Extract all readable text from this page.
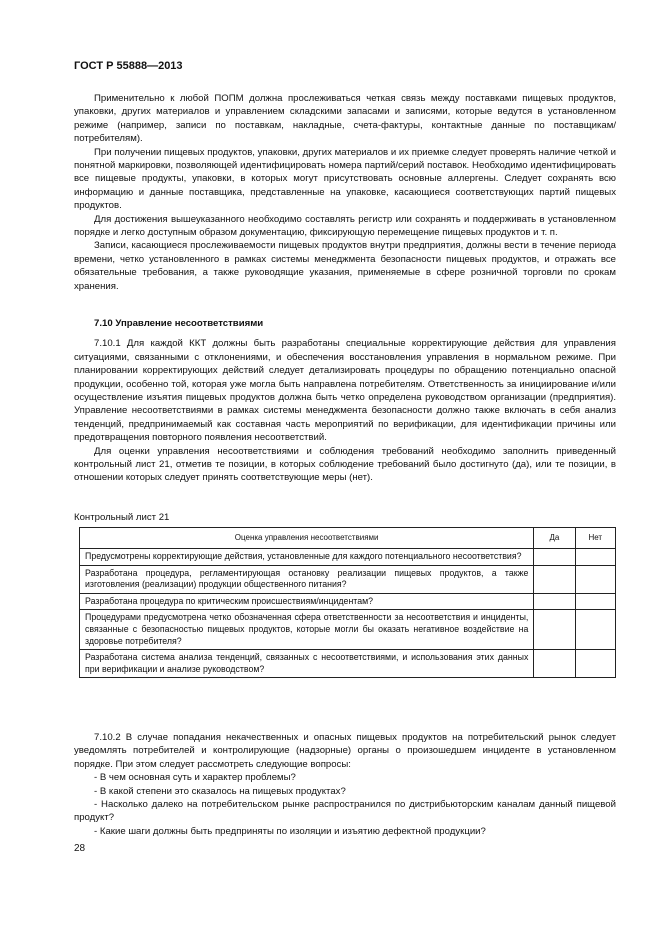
ГОСТ Р 55888—2013

Применительно к любой ПОПМ должна прослеживаться четкая связь между поставками пищевых продуктов, упаковки, других материалов и управлением складскими запасами и записями, которые ведутся в установленном режиме (например, записи по поставкам, накладные, счета-фактуры, контактные данные по поставщикам/потребителям).

При получении пищевых продуктов, упаковки, других материалов и их приемке следует проверять наличие четкой и понятной маркировки, позволяющей идентифицировать номера партий/серий поставок. Необходимо идентифицировать все пищевые продукты, упаковки, в которых могут присутствовать основные аллергены. Следует сохранять всю информацию и данные поставщика, представленные на упаковке, касающиеся соответствующих партий пищевых продуктов.

Для достижения вышеуказанного необходимо составлять регистр или сохранять и поддерживать в установленном порядке и легко доступным образом документацию, фиксирующую перемещение пищевых продуктов и т. п.

Записи, касающиеся прослеживаемости пищевых продуктов внутри предприятия, должны вести в течение периода времени, четко установленного в рамках системы менеджмента безопасности пищевых продуктов, и отражать все обязательные требования, а также руководящие указания, применяемые в сфере розничной торговли по срокам хранения.

7.10 Управление несоответствиями

7.10.1 Для каждой ККТ должны быть разработаны специальные корректирующие действия для управления ситуациями, связанными с отклонениями, и обеспечения восстановления управления в нормальном режиме. При планировании корректирующих действий следует детализировать процедуры по обращению потенциально опасной продукции, особенно той, которая уже могла быть направлена потребителям. Ответственность за инициирование и/или осуществление изъятия пищевых продуктов должна быть четко определена руководством организации (предприятия). Управление несоответствиями в рамках системы менеджмента безопасности должно также включать в себя анализ тенденций, предпринимаемый как составная часть мероприятий по верификации, для идентификации причины или предотвращения повторного появления несоответствий.

Для оценки управления несоответствиями и соблюдения требований необходимо заполнить приведенный контрольный лист 21, отметив те позиции, в которых соблюдение требований было достигнуто (да), или те позиции, в отношении которых следует принять соответствующие меры (нет).

Контрольный лист 21
Оценка управления несоответствиями	Да	Нет
Предусмотрены корректирующие действия, установленные для каждого потенциального несоответствия?		
Разработана процедура, регламентирующая остановку реализации пищевых продуктов, а также изготовления (реализации) продукции общественного питания?		
Разработана процедура по критическим происшествиям/инцидентам?		
Процедурами предусмотрена четко обозначенная сфера ответственности за несоответствия и инциденты, связанные с безопасностью пищевых продуктов, которые могли бы оказать негативное воздействие на здоровье потребителя?		
Разработана система анализа тенденций, связанных с несоответствиями, и использования этих данных при верификации и анализе руководством?		

7.10.2 В случае попадания некачественных и опасных пищевых продуктов на потребительский рынок следует уведомлять потребителей и контролирующие (надзорные) органы о произошедшем инциденте в установленном порядке. При этом следует рассмотреть следующие вопросы:

- В чем основная суть и характер проблемы?
- В какой степени это сказалось на пищевых продуктах?
- Насколько далеко на потребительском рынке распространился по дистрибьюторским каналам данный пищевой продукт?
- Какие шаги должны быть предприняты по изоляции и изъятию дефектной продукции?
28
